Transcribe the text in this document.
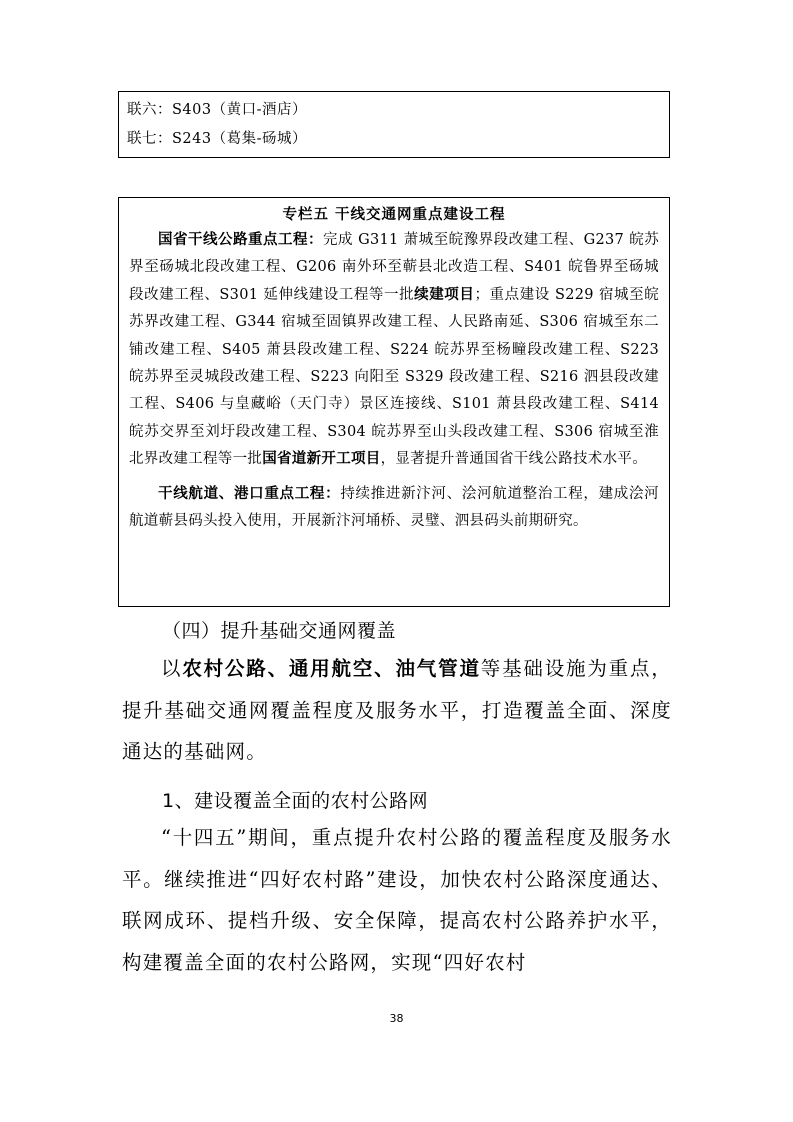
联六：S403（黄口-酒店）
联七：S243（葛集-砀城）
专栏五 干线交通网重点建设工程

国省干线公路重点工程：完成 G311 萧城至皖豫界段改建工程、G237 皖苏界至砀城北段改建工程、G206 南外环至蕲县北改造工程、S401 皖鲁界至砀城段改建工程、S301 延伸线建设工程等一批续建项目；重点建设 S229 宿城至皖苏界改建工程、G344 宿城至固镇界改建工程、人民路南延、S306 宿城至东二铺改建工程、S405 萧县段改建工程、S224 皖苏界至杨疃段改建工程、S223 皖苏界至灵城段改建工程、S223 向阳至 S329 段改建工程、S216 泗县段改建工程、S406 与皇藏峪（天门寺）景区连接线、S101 萧县段改建工程、S414 皖苏交界至刘圩段改建工程、S304 皖苏界至山头段改建工程、S306 宿城至淮北界改建工程等一批国省道新开工项目，显著提升普通国省干线公路技术水平。

干线航道、港口重点工程：持续推进新汴河、浍河航道整治工程，建成浍河航道蕲县码头投入使用，开展新汴河埇桥、灵璧、泗县码头前期研究。

（四）提升基础交通网覆盖

以农村公路、通用航空、油气管道等基础设施为重点，提升基础交通网覆盖程度及服务水平，打造覆盖全面、深度通达的基础网。

1、建设覆盖全面的农村公路网

“十四五”期间，重点提升农村公路的覆盖程度及服务水平。继续推进“四好农村路”建设，加快农村公路深度通达、联网成环、提档升级、安全保障，提高农村公路养护水平，构建覆盖全面的农村公路网，实现“四好农村

38
